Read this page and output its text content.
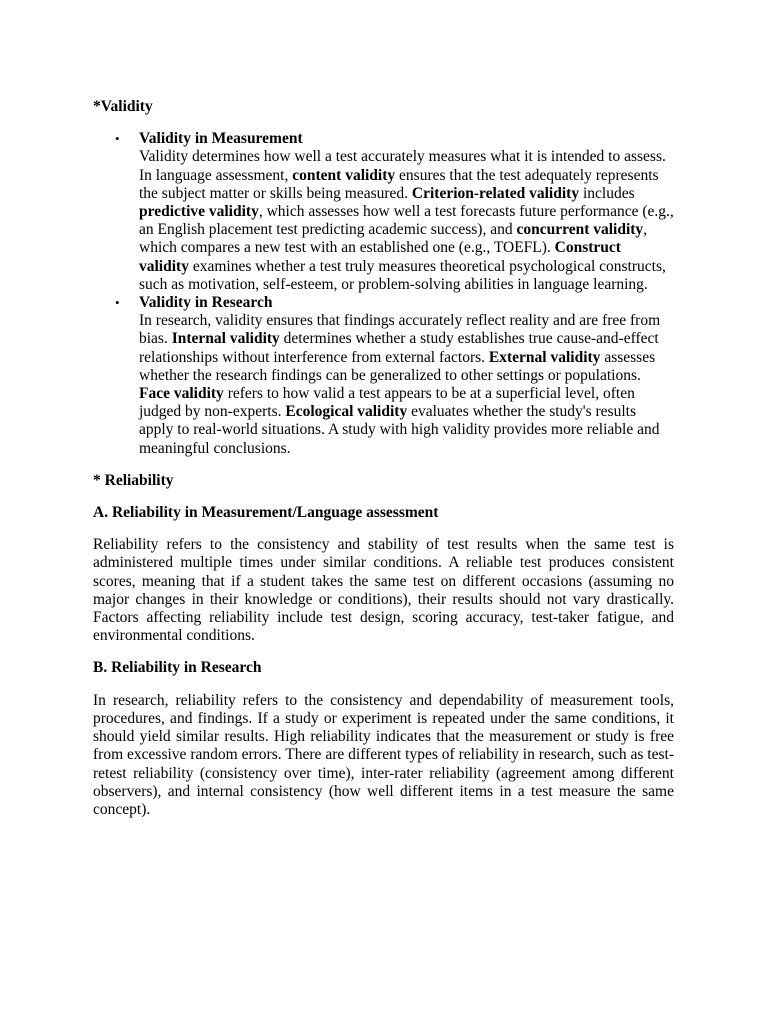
*Validity

• Validity in Measurement
Validity determines how well a test accurately measures what it is intended to assess. In language assessment, content validity ensures that the test adequately represents the subject matter or skills being measured. Criterion-related validity includes predictive validity, which assesses how well a test forecasts future performance (e.g., an English placement test predicting academic success), and concurrent validity, which compares a new test with an established one (e.g., TOEFL). Construct validity examines whether a test truly measures theoretical psychological constructs, such as motivation, self-esteem, or problem-solving abilities in language learning.
• Validity in Research
In research, validity ensures that findings accurately reflect reality and are free from bias. Internal validity determines whether a study establishes true cause-and-effect relationships without interference from external factors. External validity assesses whether the research findings can be generalized to other settings or populations. Face validity refers to how valid a test appears to be at a superficial level, often judged by non-experts. Ecological validity evaluates whether the study's results apply to real-world situations. A study with high validity provides more reliable and meaningful conclusions.

* Reliability

A. Reliability in Measurement/Language assessment

Reliability refers to the consistency and stability of test results when the same test is administered multiple times under similar conditions. A reliable test produces consistent scores, meaning that if a student takes the same test on different occasions (assuming no major changes in their knowledge or conditions), their results should not vary drastically. Factors affecting reliability include test design, scoring accuracy, test-taker fatigue, and environmental conditions.

B. Reliability in Research

In research, reliability refers to the consistency and dependability of measurement tools, procedures, and findings. If a study or experiment is repeated under the same conditions, it should yield similar results. High reliability indicates that the measurement or study is free from excessive random errors. There are different types of reliability in research, such as test-retest reliability (consistency over time), inter-rater reliability (agreement among different observers), and internal consistency (how well different items in a test measure the same concept).
